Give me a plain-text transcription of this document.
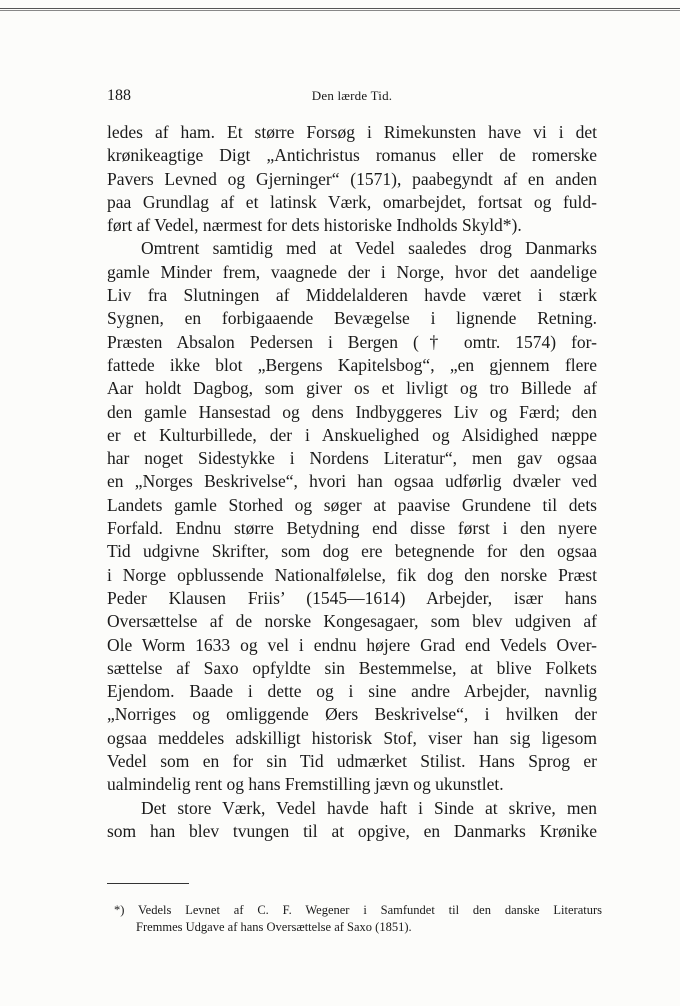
188	Den lærde Tid.
ledes af ham. Et større Forsøg i Rimekunsten have vi i det
krønikeagtige Digt „Antichristus romanus eller de romerske
Pavers Levned og Gjerninger“ (1571), paabegyndt af en anden
paa Grundlag af et latinsk Værk, omarbejdet, fortsat og fuld-
ført af Vedel, nærmest for dets historiske Indholds Skyld*).
Omtrent samtidig med at Vedel saaledes drog Danmarks
gamle Minder frem, vaagnede der i Norge, hvor det aandelige
Liv fra Slutningen af Middelalderen havde været i stærk
Sygnen, en forbigaaende Bevægelse i lignende Retning.
Præsten Absalon Pedersen i Bergen († omtr. 1574) for-
fattede ikke blot „Bergens Kapitelsbog“, „en gjennem flere
Aar holdt Dagbog, som giver os et livligt og tro Billede af
den gamle Hansestad og dens Indbyggeres Liv og Færd; den
er et Kulturbillede, der i Anskuelighed og Alsidighed næppe
har noget Sidestykke i Nordens Literatur“, men gav ogsaa
en „Norges Beskrivelse“, hvori han ogsaa udførlig dvæler ved
Landets gamle Storhed og søger at paavise Grundene til dets
Forfald. Endnu større Betydning end disse først i den nyere
Tid udgivne Skrifter, som dog ere betegnende for den ogsaa
i Norge opblussende Nationalfølelse, fik dog den norske Præst
Peder Klausen Friis’ (1545—1614) Arbejder, især hans
Oversættelse af de norske Kongesagaer, som blev udgiven af
Ole Worm 1633 og vel i endnu højere Grad end Vedels Over-
sættelse af Saxo opfyldte sin Bestemmelse, at blive Folkets
Ejendom. Baade i dette og i sine andre Arbejder, navnlig
„Norriges og omliggende Øers Beskrivelse“, i hvilken der
ogsaa meddeles adskilligt historisk Stof, viser han sig ligesom
Vedel som en for sin Tid udmærket Stilist. Hans Sprog er
ualmindelig rent og hans Fremstilling jævn og ukunstlet.
Det store Værk, Vedel havde haft i Sinde at skrive, men
som han blev tvungen til at opgive, en Danmarks Krønike
*) Vedels Levnet af C. F. Wegener i Samfundet til den danske Literaturs
Fremmes Udgave af hans Oversættelse af Saxo (1851).
